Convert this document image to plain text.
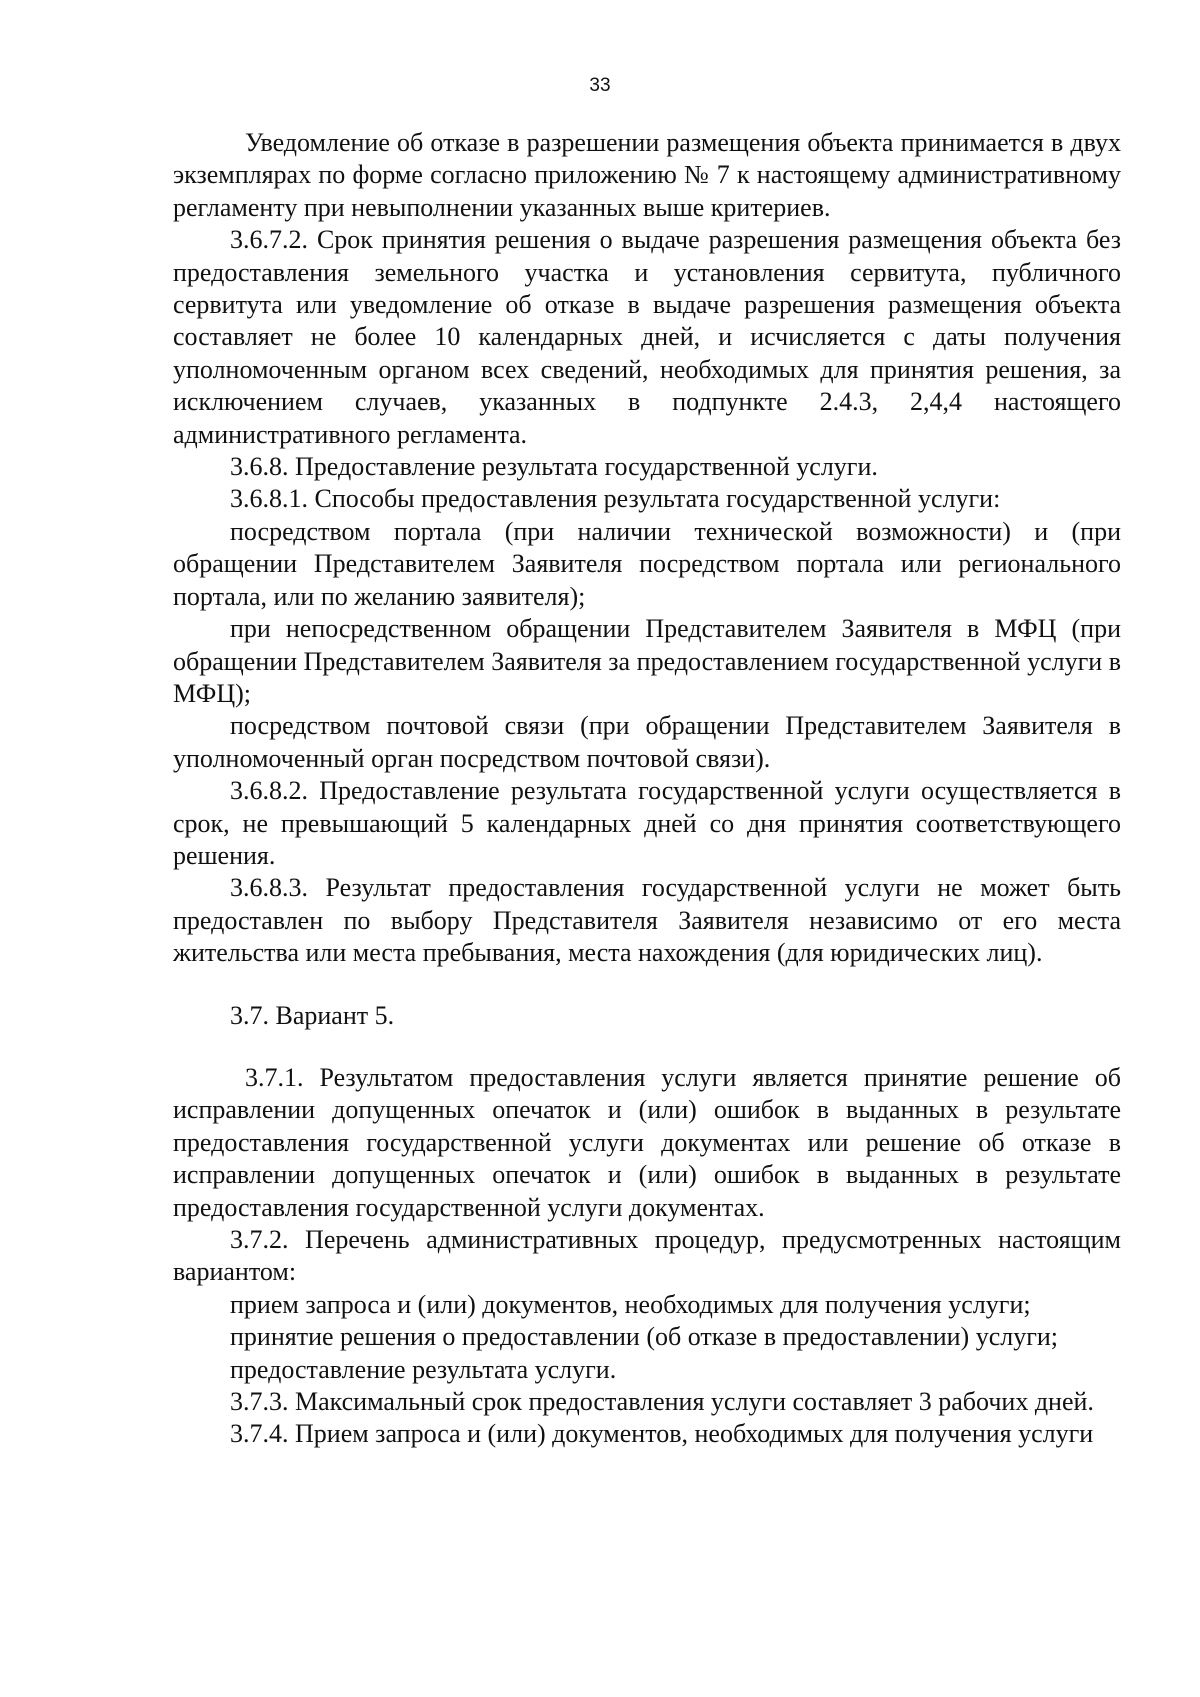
33

Уведомление об отказе в разрешении размещения объекта принимается в двух экземплярах по форме согласно приложению № 7 к настоящему административному регламенту при невыполнении указанных выше критериев.

3.6.7.2. Срок принятия решения о выдаче разрешения размещения объекта без предоставления земельного участка и установления сервитута, публичного сервитута или уведомление об отказе в выдаче разрешения размещения объекта составляет не более 10 календарных дней, и исчисляется с даты получения уполномоченным органом всех сведений, необходимых для принятия решения, за исключением случаев, указанных в подпункте 2.4.3, 2,4,4 настоящего административного регламента.

3.6.8. Предоставление результата государственной услуги.

3.6.8.1. Способы предоставления результата государственной услуги:

посредством портала (при наличии технической возможности) и (при обращении Представителем Заявителя посредством портала или регионального портала, или по желанию заявителя);

при непосредственном обращении Представителем Заявителя в МФЦ (при обращении Представителем Заявителя за предоставлением государственной услуги в МФЦ);

посредством почтовой связи (при обращении Представителем Заявителя в уполномоченный орган посредством почтовой связи).

3.6.8.2. Предоставление результата государственной услуги осуществляется в срок, не превышающий 5 календарных дней со дня принятия соответствующего решения.

3.6.8.3. Результат предоставления государственной услуги не может быть предоставлен по выбору Представителя Заявителя независимо от его места жительства или места пребывания, места нахождения (для юридических лиц).

3.7. Вариант 5.

3.7.1. Результатом предоставления услуги является принятие решение об исправлении допущенных опечаток и (или) ошибок в выданных в результате предоставления государственной услуги документах или решение об отказе в исправлении допущенных опечаток и (или) ошибок в выданных в результате предоставления государственной услуги документах.

3.7.2. Перечень административных процедур, предусмотренных настоящим вариантом:

прием запроса и (или) документов, необходимых для получения услуги;

принятие решения о предоставлении (об отказе в предоставлении) услуги;

предоставление результата услуги.

3.7.3. Максимальный срок предоставления услуги составляет 3 рабочих дней.

3.7.4. Прием запроса и (или) документов, необходимых для получения услуги
